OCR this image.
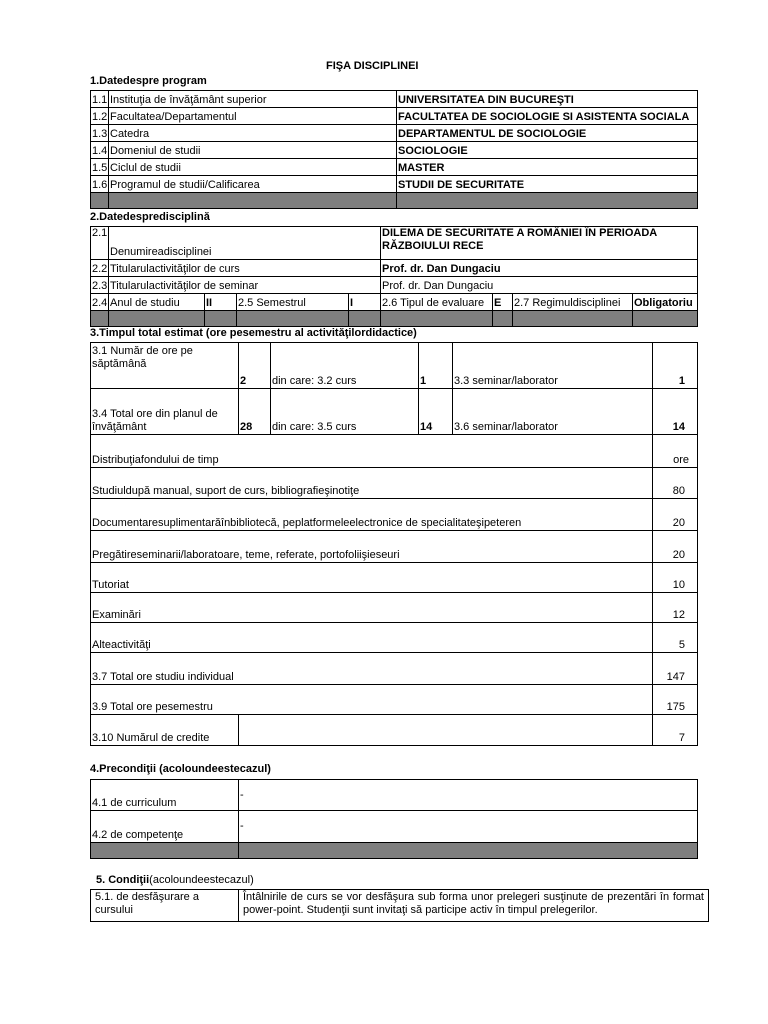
FIŞA DISCIPLINEI
1.Datedespre program
1.1	Instituţia de învăţământ superior	UNIVERSITATEA DIN BUCUREŞTI
1.2	Facultatea/Departamentul	FACULTATEA DE SOCIOLOGIE SI ASISTENTA SOCIALA
1.3	Catedra	DEPARTAMENTUL DE SOCIOLOGIE
1.4	Domeniul de studii	SOCIOLOGIE
1.5	Ciclul de studii	MASTER
1.6	Programul de studii/Calificarea	STUDII DE SECURITATE

2.Datedespredisciplină
2.1	Denumireadisciplinei				DILEMA DE SECURITATE A ROMÂNIEI ÎN PERIOADA
RĂZBOIULUI RECE			

2.2	Titularulactivităţilor de curs				Prof. dr. Dan Dungaciu			
2.3	Titularulactivităţilor de seminar				Prof. dr. Dan Dungaciu			
2.4	Anul de studiu	II	2.5 Semestrul	I	2.6 Tipul de evaluare	E	2.7 Regimuldisciplinei	Obligatoriu

3.Timpul total estimat (ore pesemestru al activităţilordidactice)
3.1 Număr de ore pe săptămână	2	din care: 3.2 curs	1	3.3 seminar/laborator	1
3.4 Total ore din planul de învăţământ	28	din care: 3.5 curs	14	3.6 seminar/laborator	14
Distribuţiafondului de timp					ore
Studiuldupă manual, suport de curs, bibliografieşinotiţe					80
Documentaresuplimentarăînbibliotecă, peplatformeleelectronice de specialitateşipeteren					20
Pregătireseminarii/laboratoare, teme, referate, portofoliişieseuri					20
Tutoriat					10
Examinări					12
Alteactivităţi					5
3.7 Total ore studiu individual					147
3.9 Total ore pesemestru					175
3.10 Numărul de credite					7
4.Precondiţii (acoloundeestecazul)
4.1 de curriculum	-
4.2 de competenţe	-

5. Condiţii(acoloundeestecazul)
5.1. de desfăşurare a cursului	Întâlnirile de curs se vor desfăşura sub forma unor prelegeri susţinute de prezentări în format power-point. Studenţii sunt invitaţi să participe activ în timpul prelegerilor.
